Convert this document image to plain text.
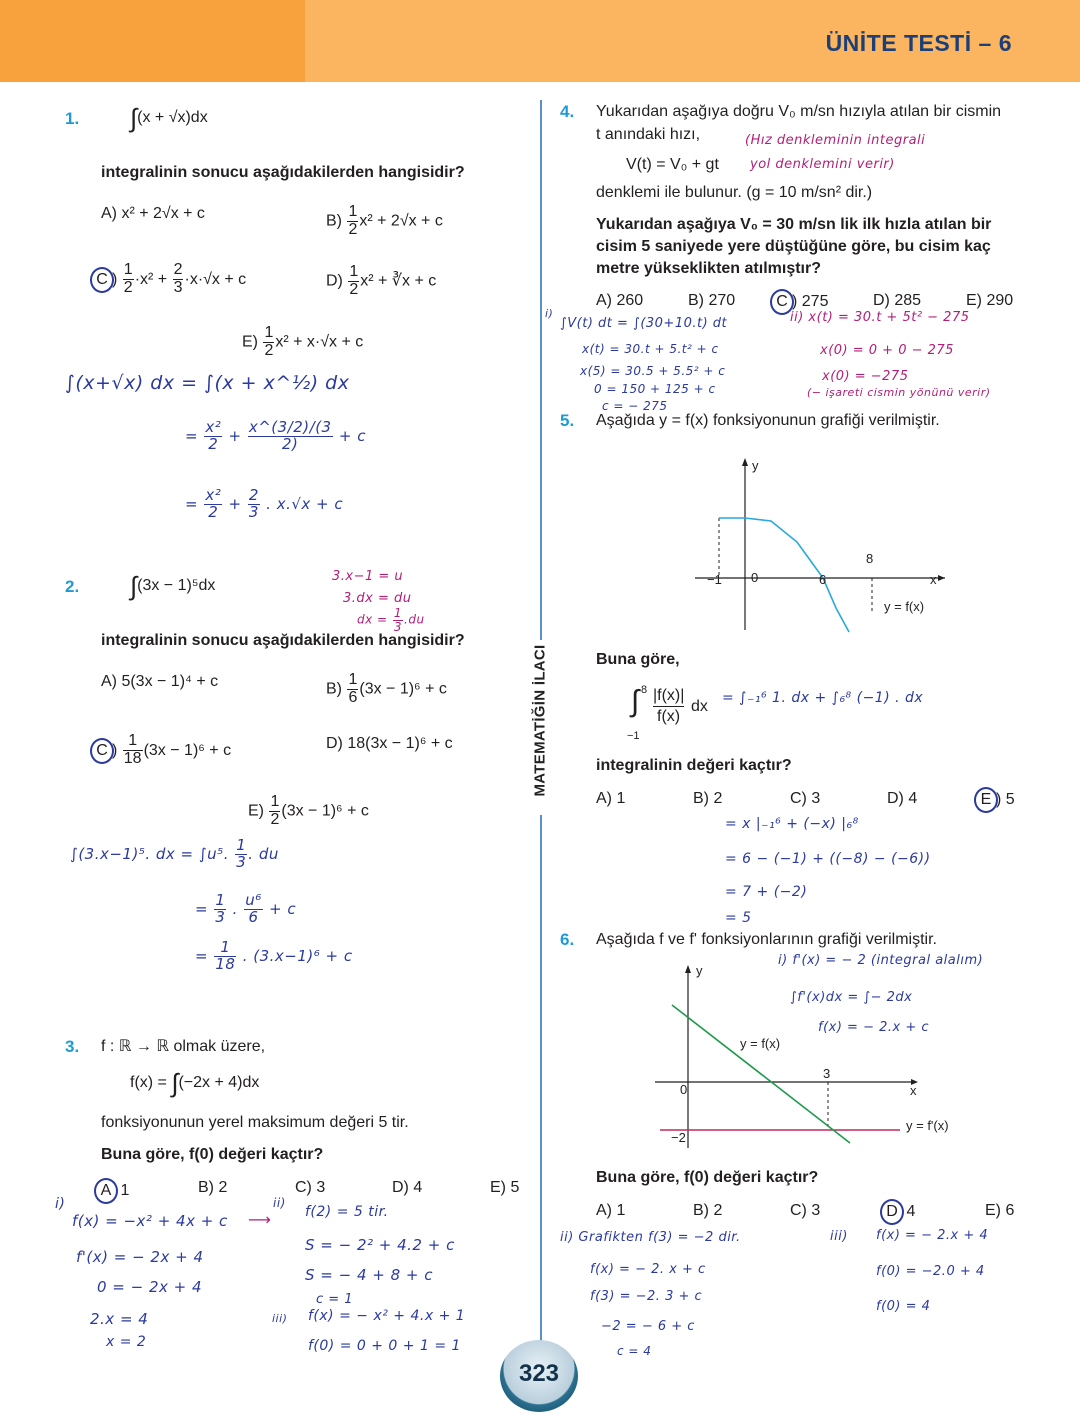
ÜNİTE TESTİ – 6
MATEMATİĞİN İLACI
1. ∫(x + √x)dx
integralinin sonucu aşağıdakilerden hangisidir?
A) x² + 2√x + c	$B) \frac{1}{2} x^2 + 2√x + c$
C ) $\frac{1}{2} \cdot x^2 + \frac{2}{3} \cdot x\cdot√x + c$	$D) \frac{1}{2} x^2$ + ∛x + c
$E) \frac{1}{2} x^2 + x\cdot√x + c$
∫(x+√x) dx = ∫(x + x^½) dx
= $\frac{\text{x²}}{2} + \frac{x\^{}(3/2)/(3}{2)} + c$
= $\frac{\text{x²}}{2} + \frac{2}{3}$ . x.√x + c
2. ∫(3x − 1)⁵dx
3.x−1 = u
3.dx = du
dx = $\frac{1}{3} .du$
integralinin sonucu aşağıdakilerden hangisidir?
A) 5(3x − 1)⁴ + c	$B) \frac{1}{6} (3x - 1)^6 + c$
C ) $\frac{1}{18} (3x - 1)^6 + c$	D) 18(3x − 1)⁶ + c
$E) \frac{1}{2} (3x - 1)^6 + c$
∫(3.x−1)⁵. dx = ∫u⁵. $\frac{1}{3}$ . du
= $\frac{1}{3}$ . $\frac{\text{u⁶}}{6} + c$
= $\frac{1}{18}$ . (3.x−1)⁶ + c
3. f : ℝ → ℝ olmak üzere,
f(x) = ∫(−2x + 4)dx
fonksiyonunun yerel maksimum değeri 5 tir.
Buna göre, f(0) değeri kaçtır?
A 1	B) 2	C) 3	D) 4	E) 5
i)
f(x) = −x² + 4x + c
f'(x) = − 2x + 4
0 = − 2x + 4
2.x = 4
x = 2
⟶
ii)
f(2) = 5 tir.
S = − 2² + 4.2 + c
S = − 4 + 8 + c
c = 1
iii) f(x) = − x² + 4.x + 1
f(0) = 0 + 0 + 1 = 1
4. Yukarıdan aşağıya doğru V₀ m/sn hızıyla atılan bir cismin
t anındaki hızı,
V(t) = V₀ + gt
denklemi ile bulunur. (g = 10 m/sn² dir.)
(Hız denkleminin integrali
yol denklemini verir)
Yukarıdan aşağıya V₀ = 30 m/sn lik ilk hızla atılan bir
cisim 5 saniyede yere düştüğüne göre, bu cisim kaç
metre yükseklikten atılmıştır?
A) 260	B) 270	C ) 275	D) 285	E) 290
i)
∫V(t) dt = ∫(30+10.t) dt
x(t) = 30.t + 5.t² + c
x(5) = 30.5 + 5.5² + c
0 = 150 + 125 + c
c = − 275
ii) x(t) = 30.t + 5t² − 275
x(0) = 0 + 0 − 275
x(0) = −275
(− işareti cismin yönünü verir)
5. Aşağıda y = f(x) fonksiyonunun grafiği verilmiştir.
y
x
−1 0	6
8
y = f(x)
Buna göre,
∫ 8
−1
|f(x)|
f(x)
dx = ∫₋₁⁶ 1. dx + ∫₆⁸ (−1) . dx
integralinin değeri kaçtır?
A) 1	B) 2	C) 3	D) 4	E ) 5
= x |₋₁⁶ + (−x) |₆⁸
= 6 − (−1) + ((−8) − (−6))
= 7 + (−2)
= 5
6. Aşağıda f ve f' fonksiyonlarının grafiği verilmiştir.
i) f'(x) = − 2 (integral alalım)
∫f'(x)dx = ∫− 2dx
f(x) = − 2.x + c
y
x
0
3
−2
y = f(x)
y = f'(x)
Buna göre, f(0) değeri kaçtır?
A) 1	B) 2	C) 3	D 4	E) 6
ii) Grafikten f(3) = −2 dir.
f(x) = − 2. x + c
f(3) = −2. 3 + c
−2 = − 6 + c
c = 4
iii) f(x) = − 2.x + 4
f(0) = −2.0 + 4
f(0) = 4
323
